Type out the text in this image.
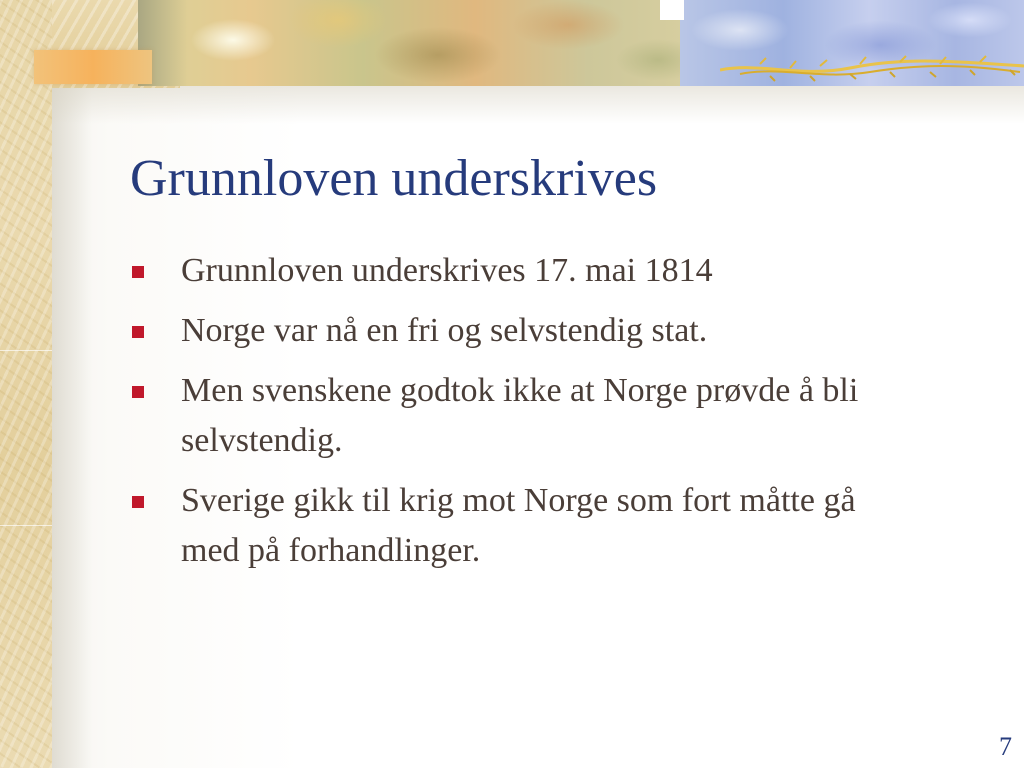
Grunnloven underskrives
Grunnloven underskrives 17. mai 1814
Norge var nå en fri og selvstendig stat.
Men svenskene godtok ikke at Norge prøvde å bli selvstendig.
Sverige gikk til krig mot Norge som fort måtte gå med på forhandlinger.
7
